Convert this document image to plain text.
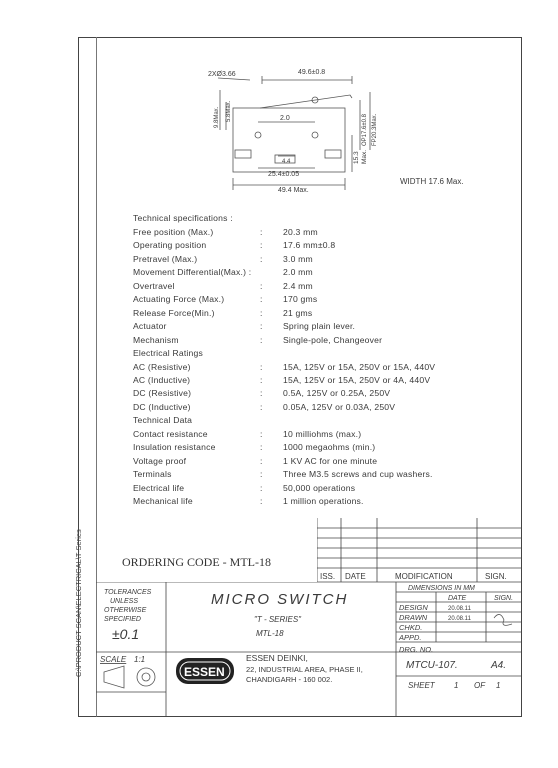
C:\PRODUCT SCAN\ELECTRICAL\T-Series
2XØ3.66	49.6±0.8
9.8Max. 5.8Max.	2.0	OP17.6±0.8 FP20.3Max.
15.3 Max.
4.4
25.4±0.05
49.4 Max.
WIDTH 17.6 Max.
Technical specifications :
Free position (Max.)	: 20.3 mm
Operating position	: 17.6 mm±0.8
Pretravel (Max.)	: 3.0 mm
Movement Differential(Max.) :	2.0 mm
Overtravel	: 2.4 mm
Actuating Force (Max.)	: 170 gms
Release Force(Min.)	: 21 gms
Actuator	: Spring plain lever.
Mechanism	: Single-pole, Changeover
Electrical Ratings
AC (Resistive)	: 15A, 125V or 15A, 250V or 15A, 440V
AC (Inductive)	: 15A, 125V or 15A, 250V or 4A, 440V
DC (Resistive)	: 0.5A, 125V or 0.25A, 250V
DC (Inductive)	: 0.05A, 125V or 0.03A, 250V
Technical Data
Contact resistance	: 10 milliohms (max.)
Insulation resistance	: 1000 megaohms (min.)
Voltage proof	: 1 KV AC for one minute
Terminals	: Three M3.5 screws and cup washers.
Electrical life	: 50,000 operations
Mechanical life	: 1 million operations.
ORDERING CODE - MTL-18
ISS. DATE	MODIFICATION	SIGN.
TOLERANCES
UNLESS
OTHERWISE
SPECIFIED
±0.1
MICRO SWITCH
"T - SERIES"
MTL-18
DIMENSIONS IN MM
DATE	SIGN.
DESIGN	20.08.11
DRAWN	20.08.11
CHKD.
APPD.
DRG. NO.
MTCU-107.	A4.
SHEET 1 OF 1
SCALE 1:1
ESSEN
ESSEN DEINKI,
22, INDUSTRIAL AREA, PHASE II,
CHANDIGARH - 160 002.
